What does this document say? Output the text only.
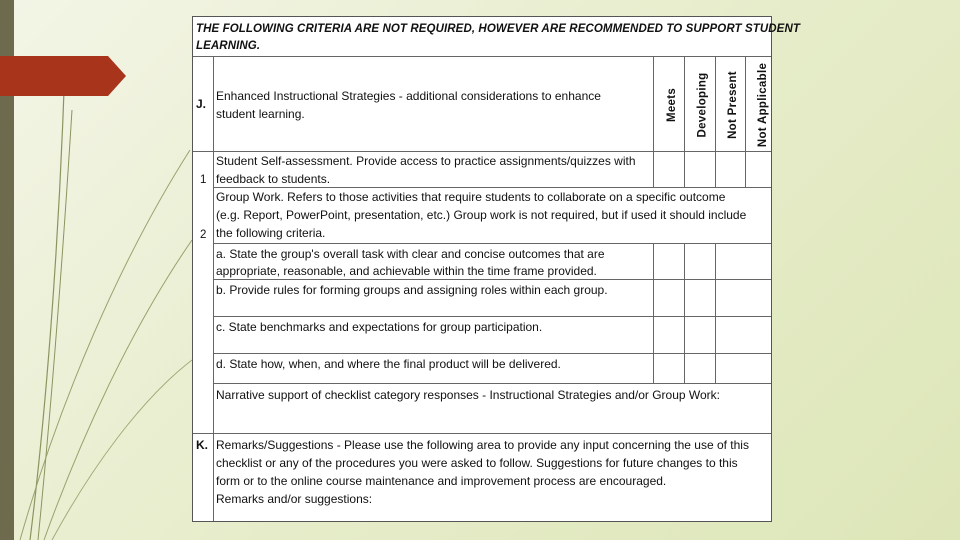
THE FOLLOWING CRITERIA ARE NOT REQUIRED, HOWEVER ARE RECOMMENDED TO SUPPORT STUDENT
LEARNING.
Meets Developing Not Present Not Applicable
J.
Enhanced Instructional Strategies - additional considerations to enhance
student learning.
1
Student Self-assessment. Provide access to practice assignments/quizzes with
feedback to students.
2
Group Work. Refers to those activities that require students to collaborate on a specific outcome
(e.g. Report, PowerPoint, presentation, etc.) Group work is not required, but if used it should include
the following criteria.
a. State the group's overall task with clear and concise outcomes that are
appropriate, reasonable, and achievable within the time frame provided.
b. Provide rules for forming groups and assigning roles within each group.
c. State benchmarks and expectations for group participation.
d. State how, when, and where the final product will be delivered.
Narrative support of checklist category responses - Instructional Strategies and/or Group Work:
K. Remarks/Suggestions - Please use the following area to provide any input concerning the use of this
checklist or any of the procedures you were asked to follow. Suggestions for future changes to this
form or to the online course maintenance and improvement process are encouraged.
Remarks and/or suggestions:
